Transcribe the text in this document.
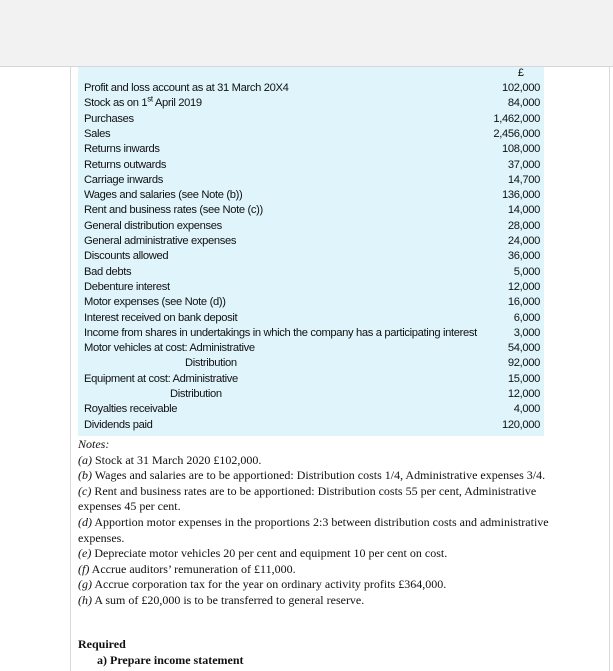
£
Profit and loss account as at 31 March 20X4	102,000
Stock as on 1st April 2019	84,000
Purchases	1,462,000
Sales	2,456,000
Returns inwards	108,000
Returns outwards	37,000
Carriage inwards	14,700
Wages and salaries (see Note (b))	136,000
Rent and business rates (see Note (c))	14,000
General distribution expenses	28,000
General administrative expenses	24,000
Discounts allowed	36,000
Bad debts	5,000
Debenture interest	12,000
Motor expenses (see Note (d))	16,000
Interest received on bank deposit	6,000
Income from shares in undertakings in which the company has a participating interest	3,000
Motor vehicles at cost: Administrative	54,000
Distribution	92,000
Equipment at cost: Administrative	15,000
Distribution	12,000
Royalties receivable	4,000
Dividends paid	120,000

Notes:

(a) Stock at 31 March 2020 £102,000.

(b) Wages and salaries are to be apportioned: Distribution costs 1/4, Administrative expenses 3/4.

(c) Rent and business rates are to be apportioned: Distribution costs 55 per cent, Administrative expenses 45 per cent.

(d) Apportion motor expenses in the proportions 2:3 between distribution costs and administrative expenses.

(e) Depreciate motor vehicles 20 per cent and equipment 10 per cent on cost.

(f) Accrue auditors’ remuneration of £11,000.

(g) Accrue corporation tax for the year on ordinary activity profits £364,000.

(h) A sum of £20,000 is to be transferred to general reserve.

Required
a) Prepare income statement
